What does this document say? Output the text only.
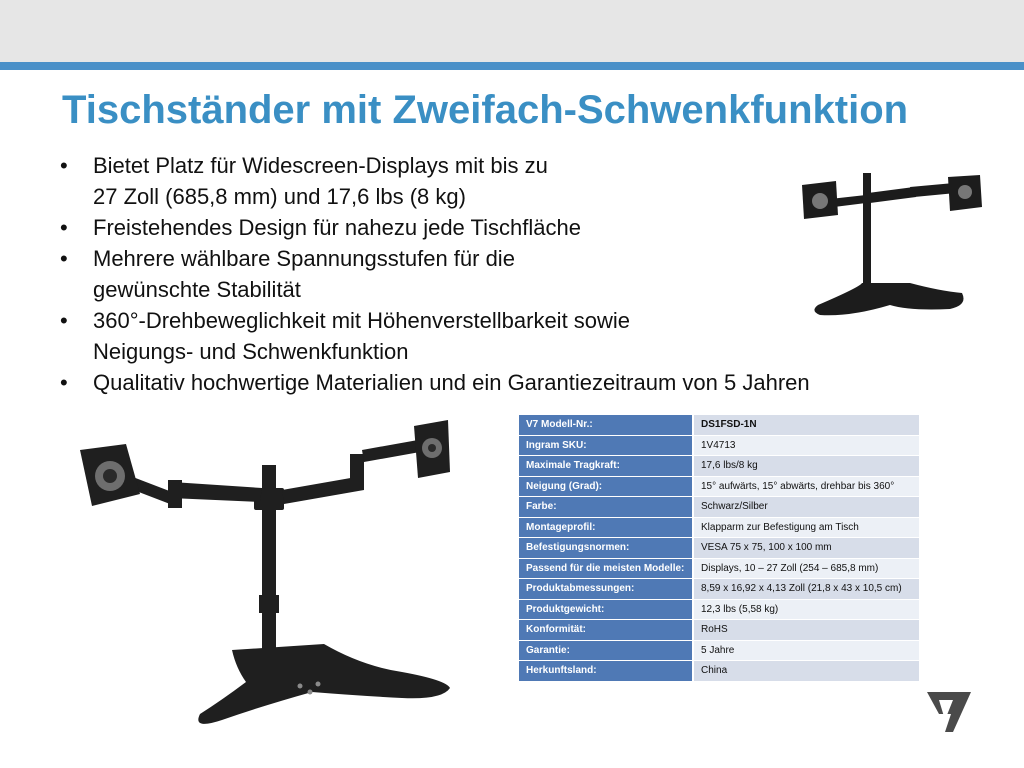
Tischständer mit Zweifach-Schwenkfunktion
• Bietet Platz für Widescreen-Displays mit bis zu
27 Zoll (685,8 mm) und 17,6 lbs (8 kg)
• Freistehendes Design für nahezu jede Tischfläche
• Mehrere wählbare Spannungsstufen für die
gewünschte Stabilität
• 360°-Drehbeweglichkeit mit Höhenverstellbarkeit sowie
Neigungs- und Schwenkfunktion
• Qualitativ hochwertige Materialien und ein Garantiezeitraum von 5 Jahren
V7 Modell-Nr.:	DS1FSD-1N
Ingram SKU:	1V4713
Maximale Tragkraft:	17,6 lbs/8 kg
Neigung (Grad):	15° aufwärts, 15° abwärts, drehbar bis 360°
Farbe:	Schwarz/Silber
Montageprofil:	Klapparm zur Befestigung am Tisch
Befestigungsnormen:	VESA 75 x 75, 100 x 100 mm
Passend für die meisten Modelle:	Displays, 10 – 27 Zoll (254 – 685,8 mm)
Produktabmessungen:	8,59 x 16,92 x 4,13 Zoll (21,8 x 43 x 10,5 cm)
Produktgewicht:	12,3 lbs (5,58 kg)
Konformität:	RoHS
Garantie:	5 Jahre
Herkunftsland:	China
